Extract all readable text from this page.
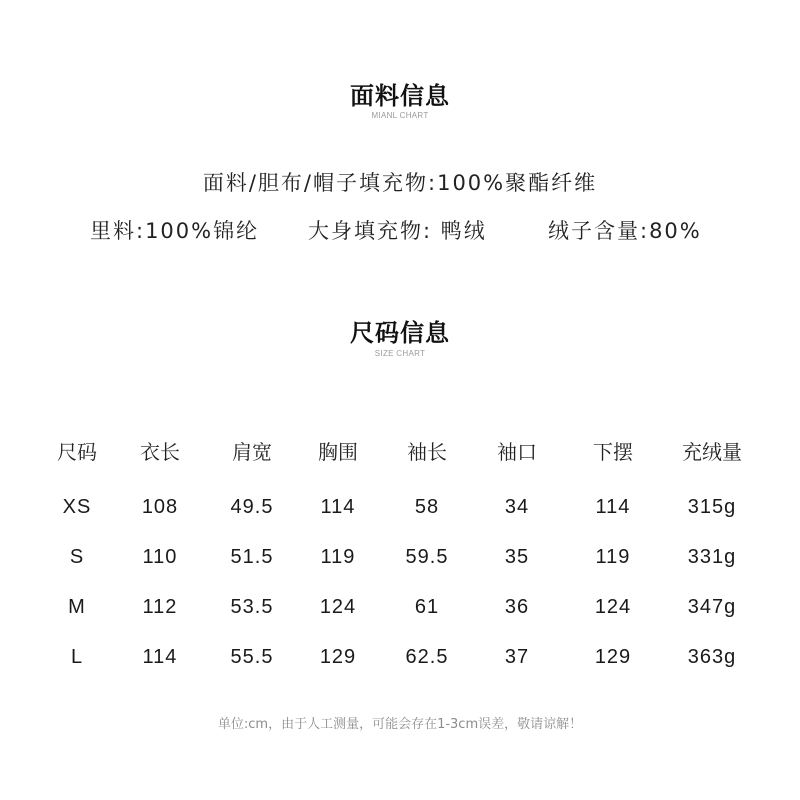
面料信息
MIANL CHART
面料/胆布/帽子填充物:100%聚酯纤维
里料:100%锦纶 大身填充物: 鸭绒	绒子含量:80%
尺码信息
SIZE CHART
尺码	衣长	肩宽	胸围	袖长	袖口	下摆	充绒量
XS	108	49.5	114	58	34	114	315g
S	110	51.5	119	59.5	35	119	331g
M	112	53.5	124	61	36	124	347g
L	114	55.5	129	62.5	37	129	363g
单位:cm，由于人工测量，可能会存在1-3cm误差，敬请谅解！
